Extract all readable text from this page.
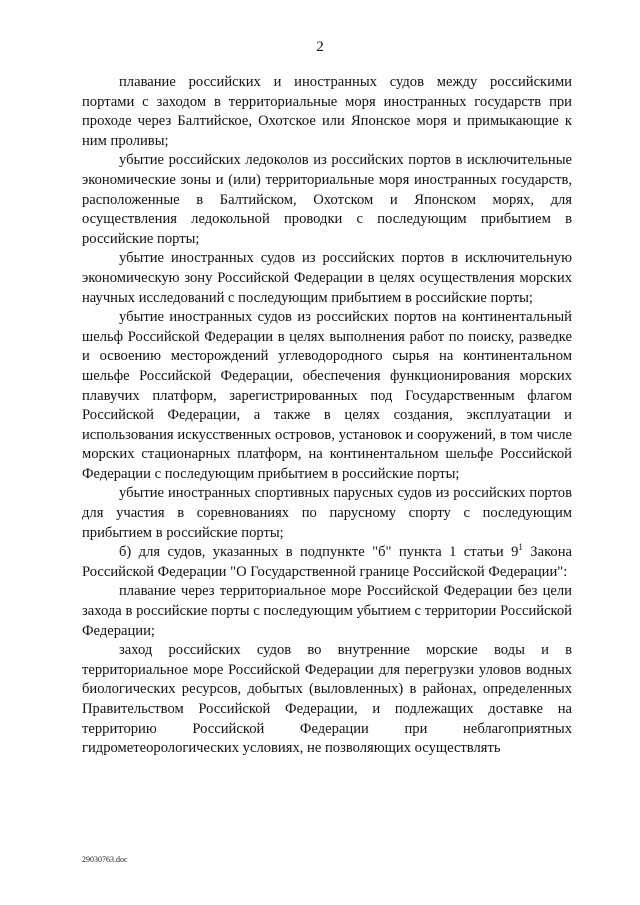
2

плавание российских и иностранных судов между российскими портами с заходом в территориальные моря иностранных государств при проходе через Балтийское, Охотское или Японское моря и примыкающие к ним проливы;

убытие российских ледоколов из российских портов в исключительные экономические зоны и (или) территориальные моря иностранных государств, расположенные в Балтийском, Охотском и Японском морях, для осуществления ледокольной проводки с последующим прибытием в российские порты;

убытие иностранных судов из российских портов в исключительную экономическую зону Российской Федерации в целях осуществления морских научных исследований с последующим прибытием в российские порты;

убытие иностранных судов из российских портов на континентальный шельф Российской Федерации в целях выполнения работ по поиску, разведке и освоению месторождений углеводородного сырья на континентальном шельфе Российской Федерации, обеспечения функционирования морских плавучих платформ, зарегистрированных под Государственным флагом Российской Федерации, а также в целях создания, эксплуатации и использования искусственных островов, установок и сооружений, в том числе морских стационарных платформ, на континентальном шельфе Российской Федерации с последующим прибытием в российские порты;

убытие иностранных спортивных парусных судов из российских портов для участия в соревнованиях по парусному спорту с последующим прибытием в российские порты;

б) для судов, указанных в подпункте "б" пункта 1 статьи $9^1$ Закона Российской Федерации "О Государственной границе Российской Федерации":

плавание через территориальное море Российской Федерации без цели захода в российские порты с последующим убытием с территории Российской Федерации;

заход российских судов во внутренние морские воды и в территориальное море Российской Федерации для перегрузки уловов водных биологических ресурсов, добытых (выловленных) в районах, определенных Правительством Российской Федерации, и подлежащих доставке на территорию Российской Федерации при неблагоприятных гидрометеорологических условиях, не позволяющих осуществлять

29030763.doc
